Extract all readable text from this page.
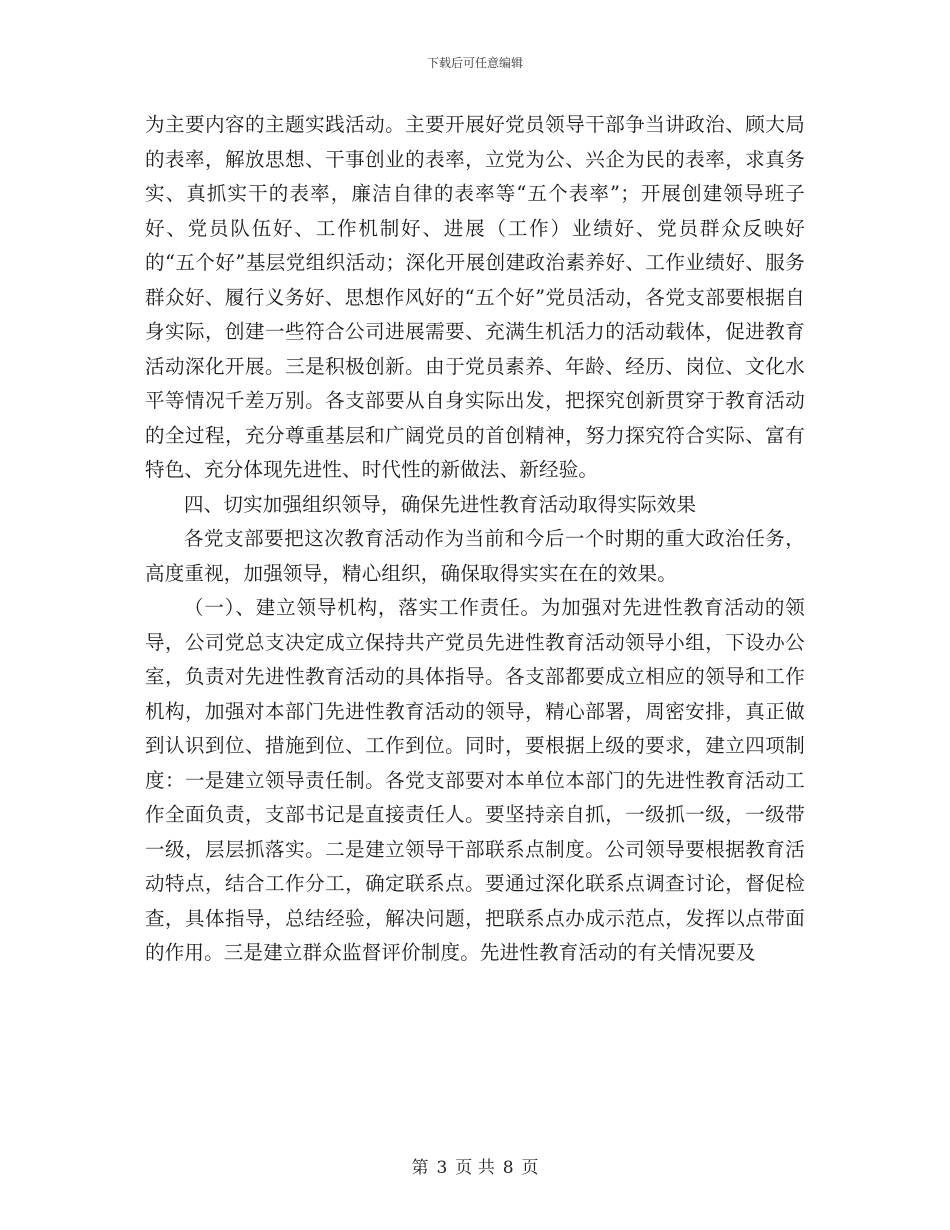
下载后可任意编辑

为主要内容的主题实践活动。主要开展好党员领导干部争当讲政治、顾大局的表率，解放思想、干事创业的表率，立党为公、兴企为民的表率，求真务实、真抓实干的表率，廉洁自律的表率等“五个表率”；开展创建领导班子好、党员队伍好、工作机制好、进展（工作）业绩好、党员群众反映好的“五个好”基层党组织活动；深化开展创建政治素养好、工作业绩好、服务群众好、履行义务好、思想作风好的“五个好”党员活动，各党支部要根据自身实际，创建一些符合公司进展需要、充满生机活力的活动载体，促进教育活动深化开展。三是积极创新。由于党员素养、年龄、经历、岗位、文化水平等情况千差万别。各支部要从自身实际出发，把探究创新贯穿于教育活动的全过程，充分尊重基层和广阔党员的首创精神，努力探究符合实际、富有特色、充分体现先进性、时代性的新做法、新经验。

四、切实加强组织领导，确保先进性教育活动取得实际效果

各党支部要把这次教育活动作为当前和今后一个时期的重大政治任务，高度重视，加强领导，精心组织，确保取得实实在在的效果。

（一）、建立领导机构，落实工作责任。为加强对先进性教育活动的领导，公司党总支决定成立保持共产党员先进性教育活动领导小组，下设办公室，负责对先进性教育活动的具体指导。各支部都要成立相应的领导和工作机构，加强对本部门先进性教育活动的领导，精心部署，周密安排，真正做到认识到位、措施到位、工作到位。同时，要根据上级的要求，建立四项制度：一是建立领导责任制。各党支部要对本单位本部门的先进性教育活动工作全面负责，支部书记是直接责任人。要坚持亲自抓，一级抓一级，一级带一级，层层抓落实。二是建立领导干部联系点制度。公司领导要根据教育活动特点，结合工作分工，确定联系点。要通过深化联系点调查讨论，督促检查，具体指导，总结经验，解决问题，把联系点办成示范点，发挥以点带面的作用。三是建立群众监督评价制度。先进性教育活动的有关情况要及

第 3 页 共 8 页
